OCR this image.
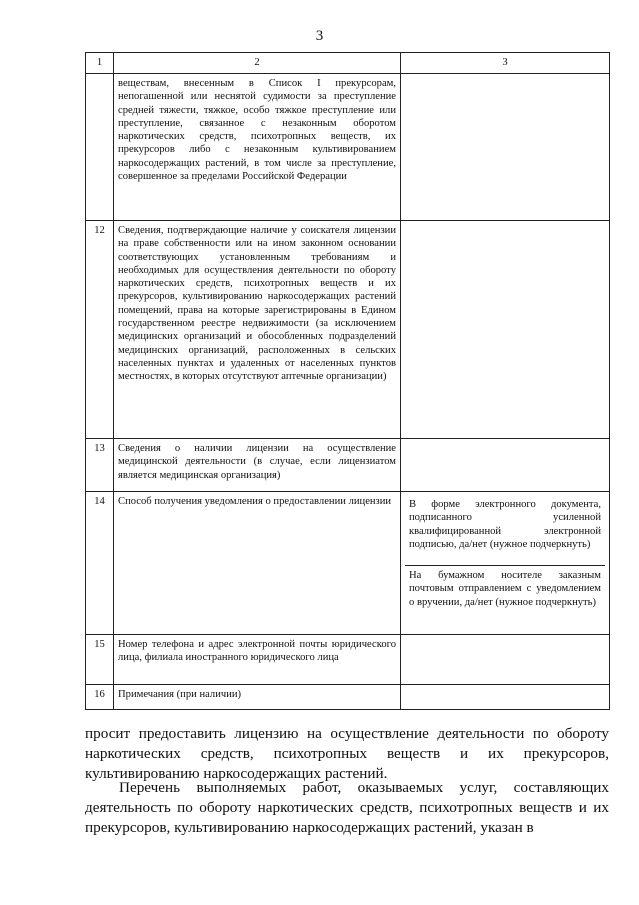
3
1	2	3
	веществам, внесенным в Список I прекурсорам, непогашенной или неснятой судимости за преступление средней тяжести, тяжкое, особо тяжкое преступление или преступление, связанное с незаконным оборотом наркотических средств, психотропных веществ, их прекурсоров либо с незаконным культивированием наркосодержащих растений, в том числе за преступление, совершенное за пределами Российской Федерации	
12	Сведения, подтверждающие наличие у соискателя лицензии на праве собственности или на ином законном основании соответствующих установленным требованиям и необходимых для осуществления деятельности по обороту наркотических средств, психотропных веществ и их прекурсоров, культивированию наркосодержащих растений помещений, права на которые зарегистрированы в Едином государственном реестре недвижимости (за исключением медицинских организаций и обособленных подразделений медицинских организаций, расположенных в сельских населенных пунктах и удаленных от населенных пунктов местностях, в которых отсутствуют аптечные организации)	
13	Сведения о наличии лицензии на осуществление медицинской деятельности (в случае, если лицензиатом является медицинская организация)	
14	Способ получения уведомления о предоставлении лицензии	В форме электронного документа, подписанного усиленной квалифицированной электронной подписью, да/нет (нужное подчеркнуть)
На бумажном носителе заказным почтовым отправлением с уведомлением о вручении, да/нет (нужное подчеркнуть)

15	Номер телефона и адрес электронной почты юридического лица, филиала иностранного юридического лица	
16	Примечания (при наличии)	
просит предоставить лицензию на осуществление деятельности по обороту наркотических средств, психотропных веществ и их прекурсоров, культивированию наркосодержащих растений.
Перечень выполняемых работ, оказываемых услуг, составляющих деятельность по обороту наркотических средств, психотропных веществ и их прекурсоров, культивированию наркосодержащих растений, указан в
